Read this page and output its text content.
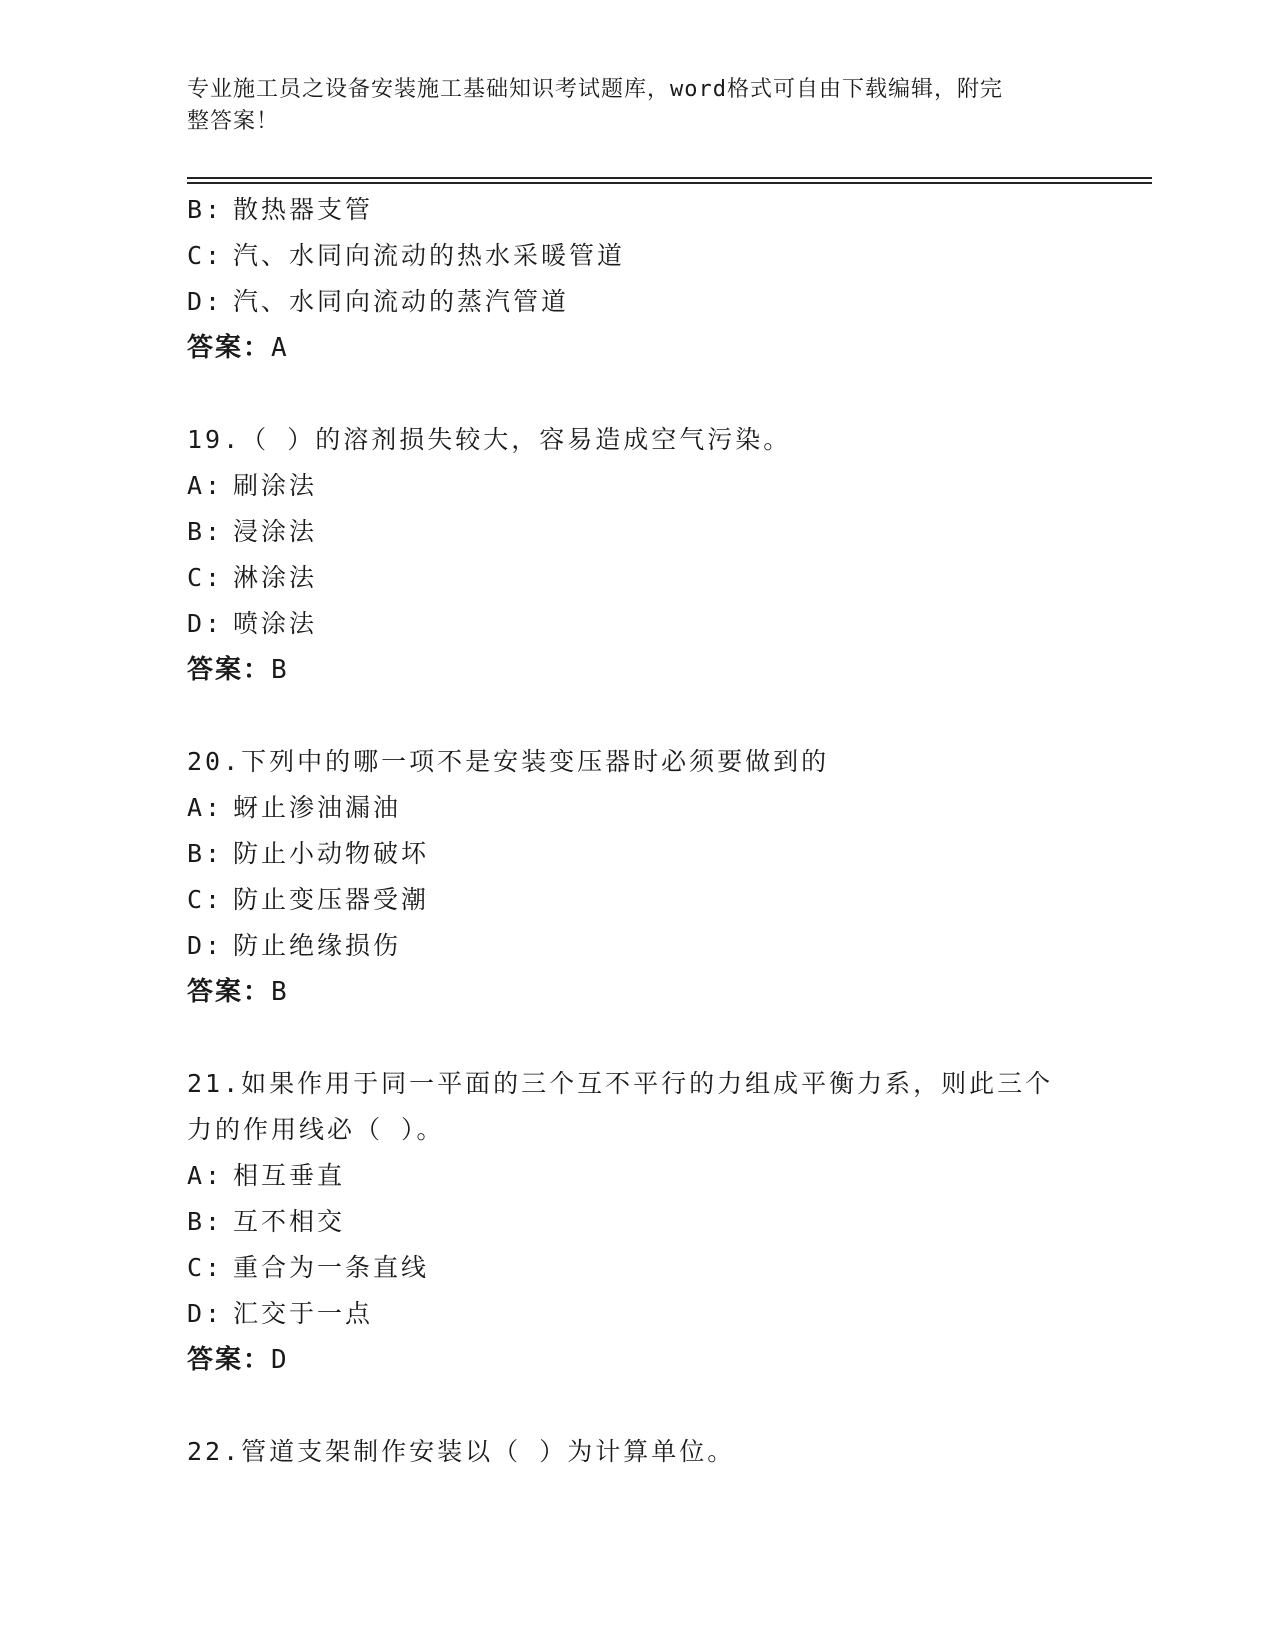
专业施工员之设备安装施工基础知识考试题库，word格式可自由下载编辑，附完
整答案！
B: 散热器支管
C: 汽、水同向流动的热水采暖管道
D: 汽、水同向流动的蒸汽管道
答案：A
19.（ ）的溶剂损失较大，容易造成空气污染。
A: 刷涂法
B: 浸涂法
C: 淋涂法
D: 喷涂法
答案：B
20.下列中的哪一项不是安装变压器时必须要做到的
A: 蚜止渗油漏油
B: 防止小动物破坏
C: 防止变压器受潮
D: 防止绝缘损伤
答案：B
21.如果作用于同一平面的三个互不平行的力组成平衡力系，则此三个
力的作用线必（ ）。
A: 相互垂直
B: 互不相交
C: 重合为一条直线
D: 汇交于一点
答案：D
22.管道支架制作安装以（ ）为计算单位。
